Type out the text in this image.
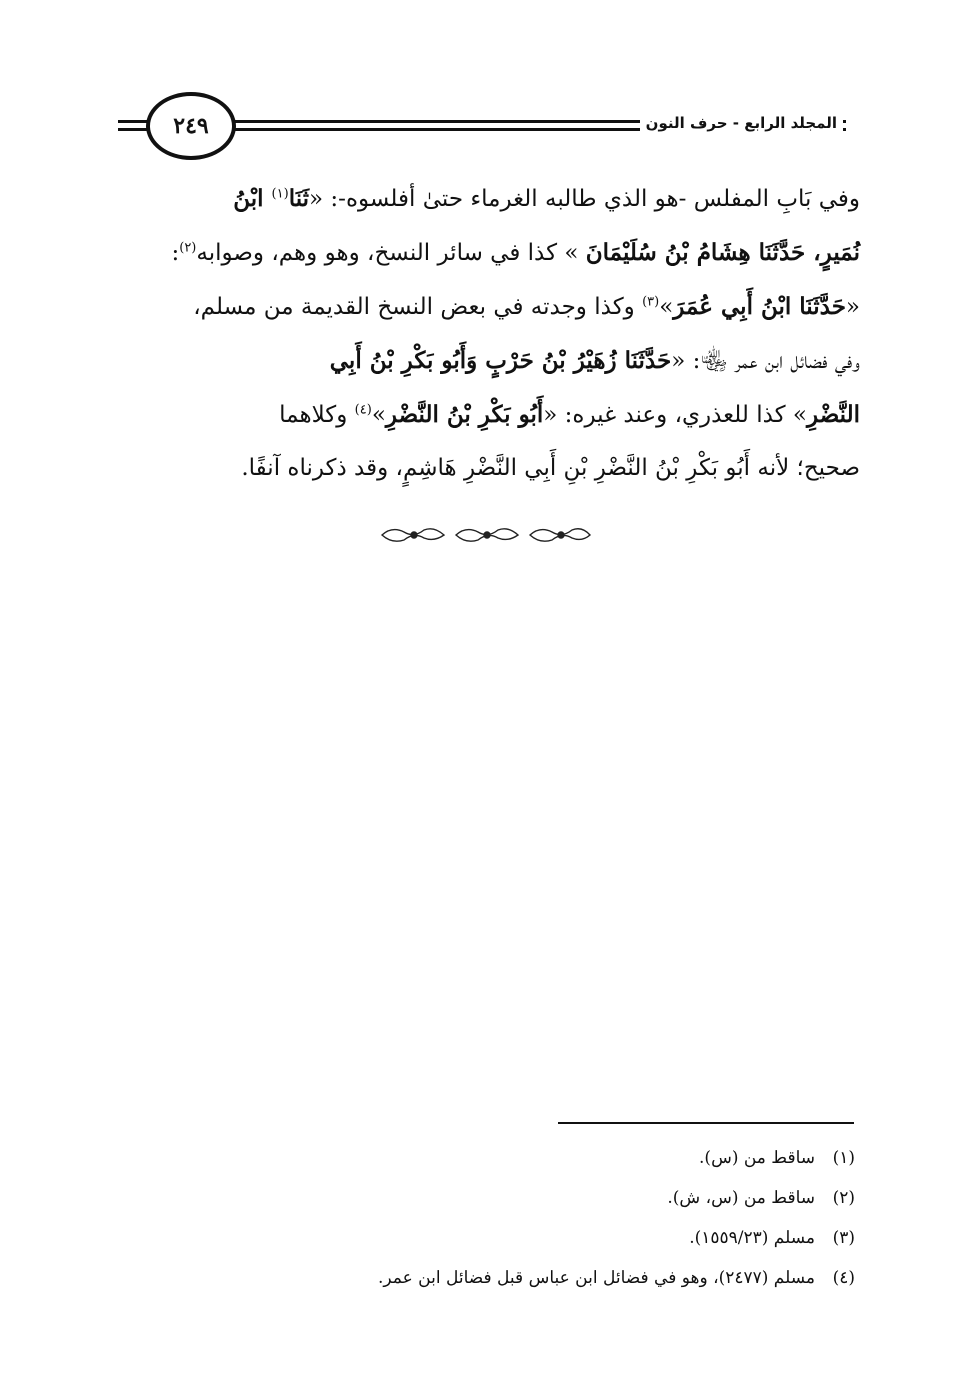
المجلد الرابع - حرف النون
٢٤٩
وفي بَابِ المفلس -هو الذي طالبه الغرماء حتىٰ أفلسوه-: «ثَنَا$^{(١)}$ ابْنُ
نُمَيرٍ، حَدَّثَنَا هِشَامُ بْنُ سُلَيْمَانَ » كذا في سائر النسخ، وهو وهم، وصوابه$^{(٢)}$:
«حَدَّثَنَا ابْنُ أَبِي عُمَرَ»$^{(٣)}$ وكذا وجدته في بعض النسخ القديمة من مسلم،
وفي فضائل ابن عمر ﵄: «حَدَّثَنَا زُهَيْرُ بْنُ حَرْبٍ وَأَبُو بَكْرِ بْنُ أَبِي
النَّضْرِ» كذا للعذري، وعند غيره: «أَبُو بَكْرِ بْنُ النَّضْرِ»$^{(٤)}$ وكلاهما
صحيح؛ لأنه أَبُو بَكْرِ بْنُ النَّضْرِ بْنِ أَبِي النَّضْرِ هَاشِمٍ، وقد ذكرناه آنفًا.
(١)ساقط من (س).
(٢)ساقط من (س، ش).
(٣)مسلم (١٥٥٩/٢٣).
(٤)مسلم (٢٤٧٧)، وهو في فضائل ابن عباس قبل فضائل ابن عمر.
